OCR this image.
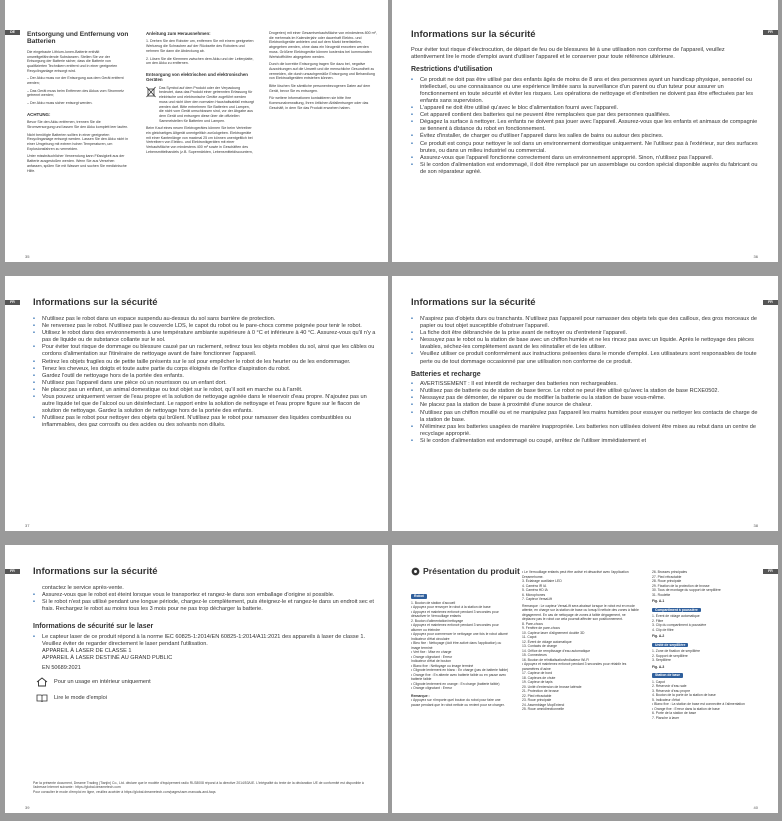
DE	Entsorgung und Entfernung von Batterien

Die eingebaute Lithium-Ionen-Batterie enthält umweltgefährdende Substanzen. Stellen Sie vor der Entsorgung der Batterie sicher, dass die Batterie von qualifizierten Technikern entfernt und in einer geeigneten Recyclinganlage entsorgt wird.

– Der Akku muss vor der Entsorgung aus dem Gerät entfernt werden;

– Das Gerät muss beim Entfernen des Akkus vom Stromnetz getrennt werden;

– Der Akku muss sicher entsorgt werden.

ACHTUNG:

Bevor Sie den Akku entfernen, trennen Sie die Stromversorgung und lassen Sie den Akku komplett leer laufen.

Nicht benötigte Batterien sollten in einer geeigneten Recyclinganlage entsorgt werden. Lassen Sie den Akku nicht in einer Umgebung mit extrem hohen Temperaturen, um Explosionsfahren zu vermeiden.

Unter missbräuchlicher Verwendung kann Flüssigkeit aus der Batterie ausgestoßen werden. Wenn Sie aus Versehen anfassen, spülen Sie mit Wasser und suchen Sie medizinische Hilfe.

Anleitung zum Herausnehmen:

1. Drehen Sie den Roboter um, entfernen Sie mit einem geeigneten Werkzeug die Schrauben auf der Rückseite des Roboters und nehmen Sie dann die Abdeckung ab.

2. Lösen Sie die Klemmen zwischen dem Akku und der Leiterplatte, um den Akku zu entfernen.

Entsorgung von elektrischen und elektronischen Geräten

Das Symbol auf dem Produkt oder der Verpackung bedeutet, dass das Produkt einer getrennten Erfassung für elektrische und elektronische Geräte zugeführt werden muss und nicht über den normalen Haushaltsabfall entsorgt werden darf. Bitte entnehmen Sie Batterien und Lampen, die nicht vom Gerät umschlossen sind, vor der Abgabe aus dem Gerät und entsorgen diese über die offiziellen Sammelstellen für Batterien und Lampen.

Beim Kauf eines neuen Elektrogerätes können Sie beim Vertreiber ein gleichartiges Altgerät unentgeltlich zurückgeben. Elektrogeräte mit einer Kantenlänge von maximal 25 cm können unentgeltlich bei Vertreibern von Elektro- und Elektronikgeräten mit einer Verkaufsfläche von mindestens 400 m² sowie in Geschäften des Lebensmittelhandels (z.B. Supermärkten, Lebensmitteldiscountern,

Drogerien) mit einer Gesamtverkaufsfläche von mindestens 800 m², die mehrmals im Kalenderjahr oder dauerhaft Elektro- und Elektronikgeräte anbieten und auf dem Markt bereitstellen, abgegeben werden, ohne dass ein Neugerät erworben werden muss. Größere Elektrogeräte können kostenlos bei kommunalen Wertstoffhöfen abgegeben werden.

Durch die korrekte Entsorgung tragen Sie dazu bei, negative Auswirkungen auf die Umwelt und die menschliche Gesundheit zu vermeiden, die durch unsachgemäße Entsorgung und Behandlung von Elektroaltgeräten entstehen können.

Bitte löschen Sie sämtliche personenbezogenen Daten auf dem Gerät, bevor Sie es entsorgen.

Für weitere Informationen kontaktieren sie bitte Ihre Kommunalverwaltung, Ihren örtlichen Abfallentsorger oder das Geschäft, in dem Sie das Produkt erworben haben.

35
FR
Informations sur la sécurité

Pour éviter tout risque d'électrocution, de départ de feu ou de blessures lié à une utilisation non conforme de l'appareil, veuillez attentivement lire le mode d'emploi avant d'utiliser l'appareil et le conserver pour toute référence ultérieure.

Restrictions d'utilisation
• Ce produit ne doit pas être utilisé par des enfants âgés de moins de 8 ans et des personnes ayant un handicap physique, sensoriel ou intellectuel, ou une connaissance ou une expérience limitée sans la surveillance d'un parent ou d'un tuteur pour assurer un fonctionnement en toute sécurité et éviter les risques. Les opérations de nettoyage et d'entretien ne doivent pas être effectuées par les enfants sans supervision.
• L'appareil ne doit être utilisé qu'avec le bloc d'alimentation fourni avec l'appareil.
• Cet appareil contient des batteries qui ne peuvent être remplacées que par des personnes qualifiées.
• Dégagez la surface à nettoyer. Les enfants ne doivent pas jouer avec l'appareil. Assurez-vous que les enfants et animaux de compagnie se tiennent à distance du robot en fonctionnement.
• Évitez d'installer, de charger ou d'utiliser l'appareil dans les salles de bains ou autour des piscines.
• Ce produit est conçu pour nettoyer le sol dans un environnement domestique uniquement. Ne l'utilisez pas à l'extérieur, sur des surfaces brutes, ou dans un milieu industriel ou commercial.
• Assurez-vous que l'appareil fonctionne correctement dans un environnement approprié. Sinon, n'utilisez pas l'appareil.
• Si le cordon d'alimentation est endommagé, il doit être remplacé par un assemblage ou cordon spécial disponible auprès du fabricant ou de son réparateur agréé.
36
FR	Informations sur la sécurité
• N'utilisez pas le robot dans un espace suspendu au-dessus du sol sans barrière de protection.
• Ne renversez pas le robot. N'utilisez pas le couvercle LDS, le capot du robot ou le pare-chocs comme poignée pour tenir le robot.
• Utilisez le robot dans des environnements à une température ambiante supérieure à 0 °C et inférieure à 40 °C. Assurez-vous qu'il n'y a pas de liquide ou de substance collante sur le sol.
• Pour éviter tout risque de dommage ou blessure causé par un raclement, retirez tous les objets mobiles du sol, ainsi que les câbles ou cordons d'alimentation sur l'itinéraire de nettoyage avant de faire fonctionner l'appareil.
• Retirez les objets fragiles ou de petite taille présents sur le sol pour empêcher le robot de les heurter ou de les endommager.
• Tenez les cheveux, les doigts et toute autre partie du corps éloignés de l'orifice d'aspiration du robot.
• Gardez l'outil de nettoyage hors de la portée des enfants.
• N'utilisez pas l'appareil dans une pièce où un nourrisson ou un enfant dort.
• Ne placez pas un enfant, un animal domestique ou tout objet sur le robot, qu'il soit en marche ou à l'arrêt.
• Vous pouvez uniquement verser de l'eau propre et la solution de nettoyage agréée dans le réservoir d'eau propre. N'ajoutez pas un autre liquide tel que de l'alcool ou un désinfectant. Le rapport entre la solution de nettoyage et l'eau propre figure sur le flacon de solution de nettoyage. Gardez la solution de nettoyage hors de la portée des enfants.
• N'utilisez pas le robot pour nettoyer des objets qui brûlent. N'utilisez pas le robot pour ramasser des liquides combustibles ou inflammables, des gaz corrosifs ou des acides ou des solvants non dilués.
37
FR
Informations sur la sécurité
• N'aspirez pas d'objets durs ou tranchants. N'utilisez pas l'appareil pour ramasser des objets tels que des cailloux, des gros morceaux de papier ou tout objet susceptible d'obstruer l'appareil.
• La fiche doit être débranchée de la prise avant de nettoyer ou d'entretenir l'appareil.
• Nessuyez pas le robot ou la station de base avec un chiffon humide et ne les rincez pas avec un liquide. Après le nettoyage des pièces lavables, séchez-les complètement avant de les réinstaller et de les utiliser.
• Veuillez utiliser ce produit conformément aux instructions présentes dans le monde d'emploi. Les utilisateurs sont responsables de toute perte ou de tout dommage occasionné par une utilisation non conforme de ce produit.
Batteries et recharge
• AVERTISSEMENT : Il est interdit de recharger des batteries non rechargeables.
• N'utilisez pas de batterie ou de station de base tierce. Le robot ne peut être utilisé qu'avec la station de base RCXE0502.
• Nessayez pas de démonter, de réparer ou de modifier la batterie ou la station de base vous-même.
• Ne placez pas la station de base à proximité d'une source de chaleur.
• N'utilisez pas un chiffon mouillé ou et ne manipulez pas l'appareil les mains humides pour essuyer ou nettoyer les contacts de charge de la station de base.
• N'éliminez pas les batteries usagées de manière inappropriée. Les batteries non utilisées doivent être mises au rebut dans un centre de recyclage approprié.
• Si le cordon d'alimentation est endommagé ou coupé, arrêtez de l'utiliser immédiatement et
38
FR	Informations sur la sécurité

contactez le service après-vente.

• Assurez-vous que le robot est éteint lorsque vous le transportez et rangez-le dans son emballage d'origine si possible.
• Si le robot n'est pas utilisé pendant une longue période, chargez-le complètement, puis éteignez-le et rangez-le dans un endroit sec et frais. Rechargez le robot au moins tous les 3 mois pour ne pas trop décharger la batterie.
Informations de sécurité sur le laser
• Le capteur laser de ce produit répond à la norme IEC 60825-1:2014/EN 60825-1:2014/A11:2021 des appareils à laser de classe 1. Veuillez éviter de regarder directement le laser pendant l'utilisation.
APPAREIL À LASER DE CLASSE 1
APPAREIL À LASER DESTINÉ AU GRAND PUBLIC
EN 50689:2021
Pour un usage en intérieur uniquement
Lire le mode d'emploi
Par la présente document, Dreame Trading (Tianjin) Co., Ltd. déclare que le modèle d'équipement radio RLS8008 répond à la directive 2014/53/UE. L'intégralité du texte de la déclaration UE de conformité est disponible à l'adresse Internet suivante : https://global.dreametech.com
Pour consulter le mode d'emploi en ligne, veuillez accéder à https://global.dreametech.com/pages/user-manuals-and-faqs
39
FR
Présentation du produit
Robot

1. Bouton de station d'accueil

• Appuyez pour renvoyer le robot à la station de base

• Appuyez et maintenez enfoncé pendant 3 secondes pour désactiver le Verrouillage enfants

2. Bouton d'alimentation/nettoyage

• Appuyez et maintenez enfoncé pendant 3 secondes pour allumer ou éteindre

• Appuyez pour commencer le nettoyage une fois le robot allumé

Indicateur d'état circulaire

• Bleu fixe : Nettoyage (doit être activé dans l'application) ou image terminé

• Vert fixe : Mise en charge

• Orange clignotant : Erreur

Indicateur d'état de bouton

• Blanc fixe : Nettoyage ou image terminé

• Clignote lentement en blanc : En charge (pas de batterie faible)

• Orange fixe : En attente avec batterie faible ou en pause avec batterie faible

• Clignote lentement en orange : En charge (batterie faible)

• Orange clignotant : Erreur

Remarque :

• Appuyez sur n'importe quel bouton du robot pour faire une pause pendant que le robot nettoie ou revient pour se charger.

• Le Verrouillage enfants peut être activé et désactivé avec l'application Dreamehome.

3. Éclairage auxiliaire LED

4. Caméra IR IA

5. Caméra HD IA

6. Microphones

7. Capteur VersaLift

Remarque : Le capteur VersaLift sera abaissé lorsque le robot est en mode attente, en charge sur la station de base ou lorsqu'il nettoie des zones à faible dégagement. En cas de nettoyage de zones à faible dégagement, ne déplacez pas le robot car cela pourrait affecter son positionnement.

8. Pare-chocs

9. Fenêtre de pare-chocs

10. Capteur laser d'alignement double 3D

11. Capot

12. Évent de vidage automatique

13. Contacts de charge

14. Orifice de remplissage d'eau automatique

15. Connecteurs

16. Bouton de réinitialisation/indicateur Wi-Fi

• Appuyez et maintenez enfoncé pendant 3 secondes pour rétablir les paramètres d'usine

17. Capteur de bord

18. Capteurs de chute

19. Capteur de tapis

20. Unité d'extension de brosse latérale

21. Protection de brosse

22. Pied rétractable

23. Roue principale

24. Assemblage MopExtend

25. Roue omnidirectionnelle

26. Brosses principales

27. Pied rétractable

28. Roue principale

29. Fixation de la protection de brosse

30. Tous de montage du support de serpillière

31. Roulette

Fig. A-1

Compartiment à poussière

1. Évent de vidage automatique

2. Filtre

3. Clip du compartiment à poussière

4. Clip de filtre

Fig. A-2

Unité de serpillière

1. Zone de fixation de serpillière

2. Support de serpillière

3. Serpillière

Fig. A-3

Station de base

1. Capot

2. Réservoir d'eau sale

3. Réservoir d'eau propre

4. Bouton de la porte de la station de base

5. Indicateur d'état

• Blanc fixe : La station de base est connectée à l'alimentation

• Orange fixe : Erreur dans la station de base

6. Porte de la station de base

7. Planche à laver

40
